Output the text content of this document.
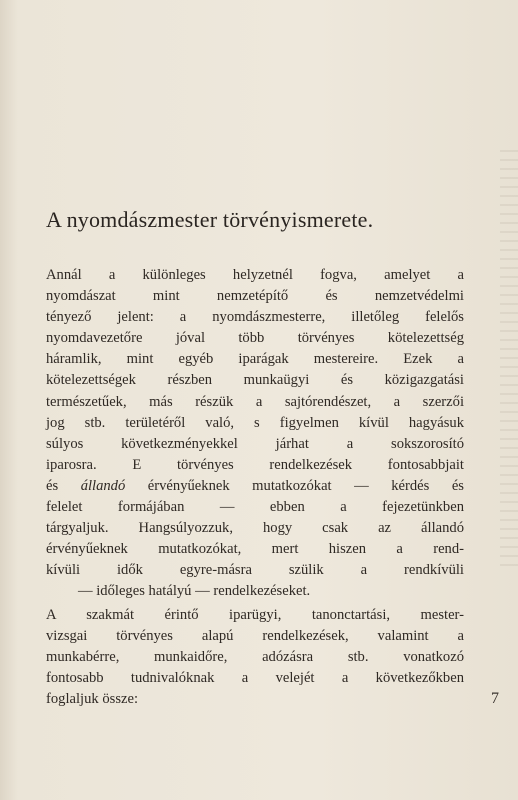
A nyomdászmester törvényismerete.
Annál a különleges helyzetnél fogva, amelyet a
nyomdászat mint nemzetépítő és nemzetvédelmi
tényező jelent: a nyomdászmesterre, illetőleg felelős
nyomdavezetőre jóval több törvényes kötelezettség
háramlik, mint egyéb iparágak mestereire. Ezek a
kötelezettségek részben munkaügyi és közigazgatási
természetűek, más részük a sajtórendészet, a szerzői
jog stb. területéről való, s figyelmen kívül hagyásuk
súlyos következményekkel járhat a sokszorosító
iparosra. E törvényes rendelkezések fontosabbjait
és állandó érvényűeknek mutatkozókat — kérdés és
felelet formájában — ebben a fejezetünkben
tárgyaljuk. Hangsúlyozzuk, hogy csak az állandó
érvényűeknek mutatkozókat, mert hiszen a rend-
kívüli idők egyre-másra szülik a rendkívüli
— időleges hatályú — rendelkezéseket.
A szakmát érintő iparügyi, tanonctartási, mester-
vizsgai törvényes alapú rendelkezések, valamint a
munkabérre, munkaidőre, adózásra stb. vonatkozó
fontosabb tudnivalóknak a velejét a következőkben
foglaljuk össze:	7
